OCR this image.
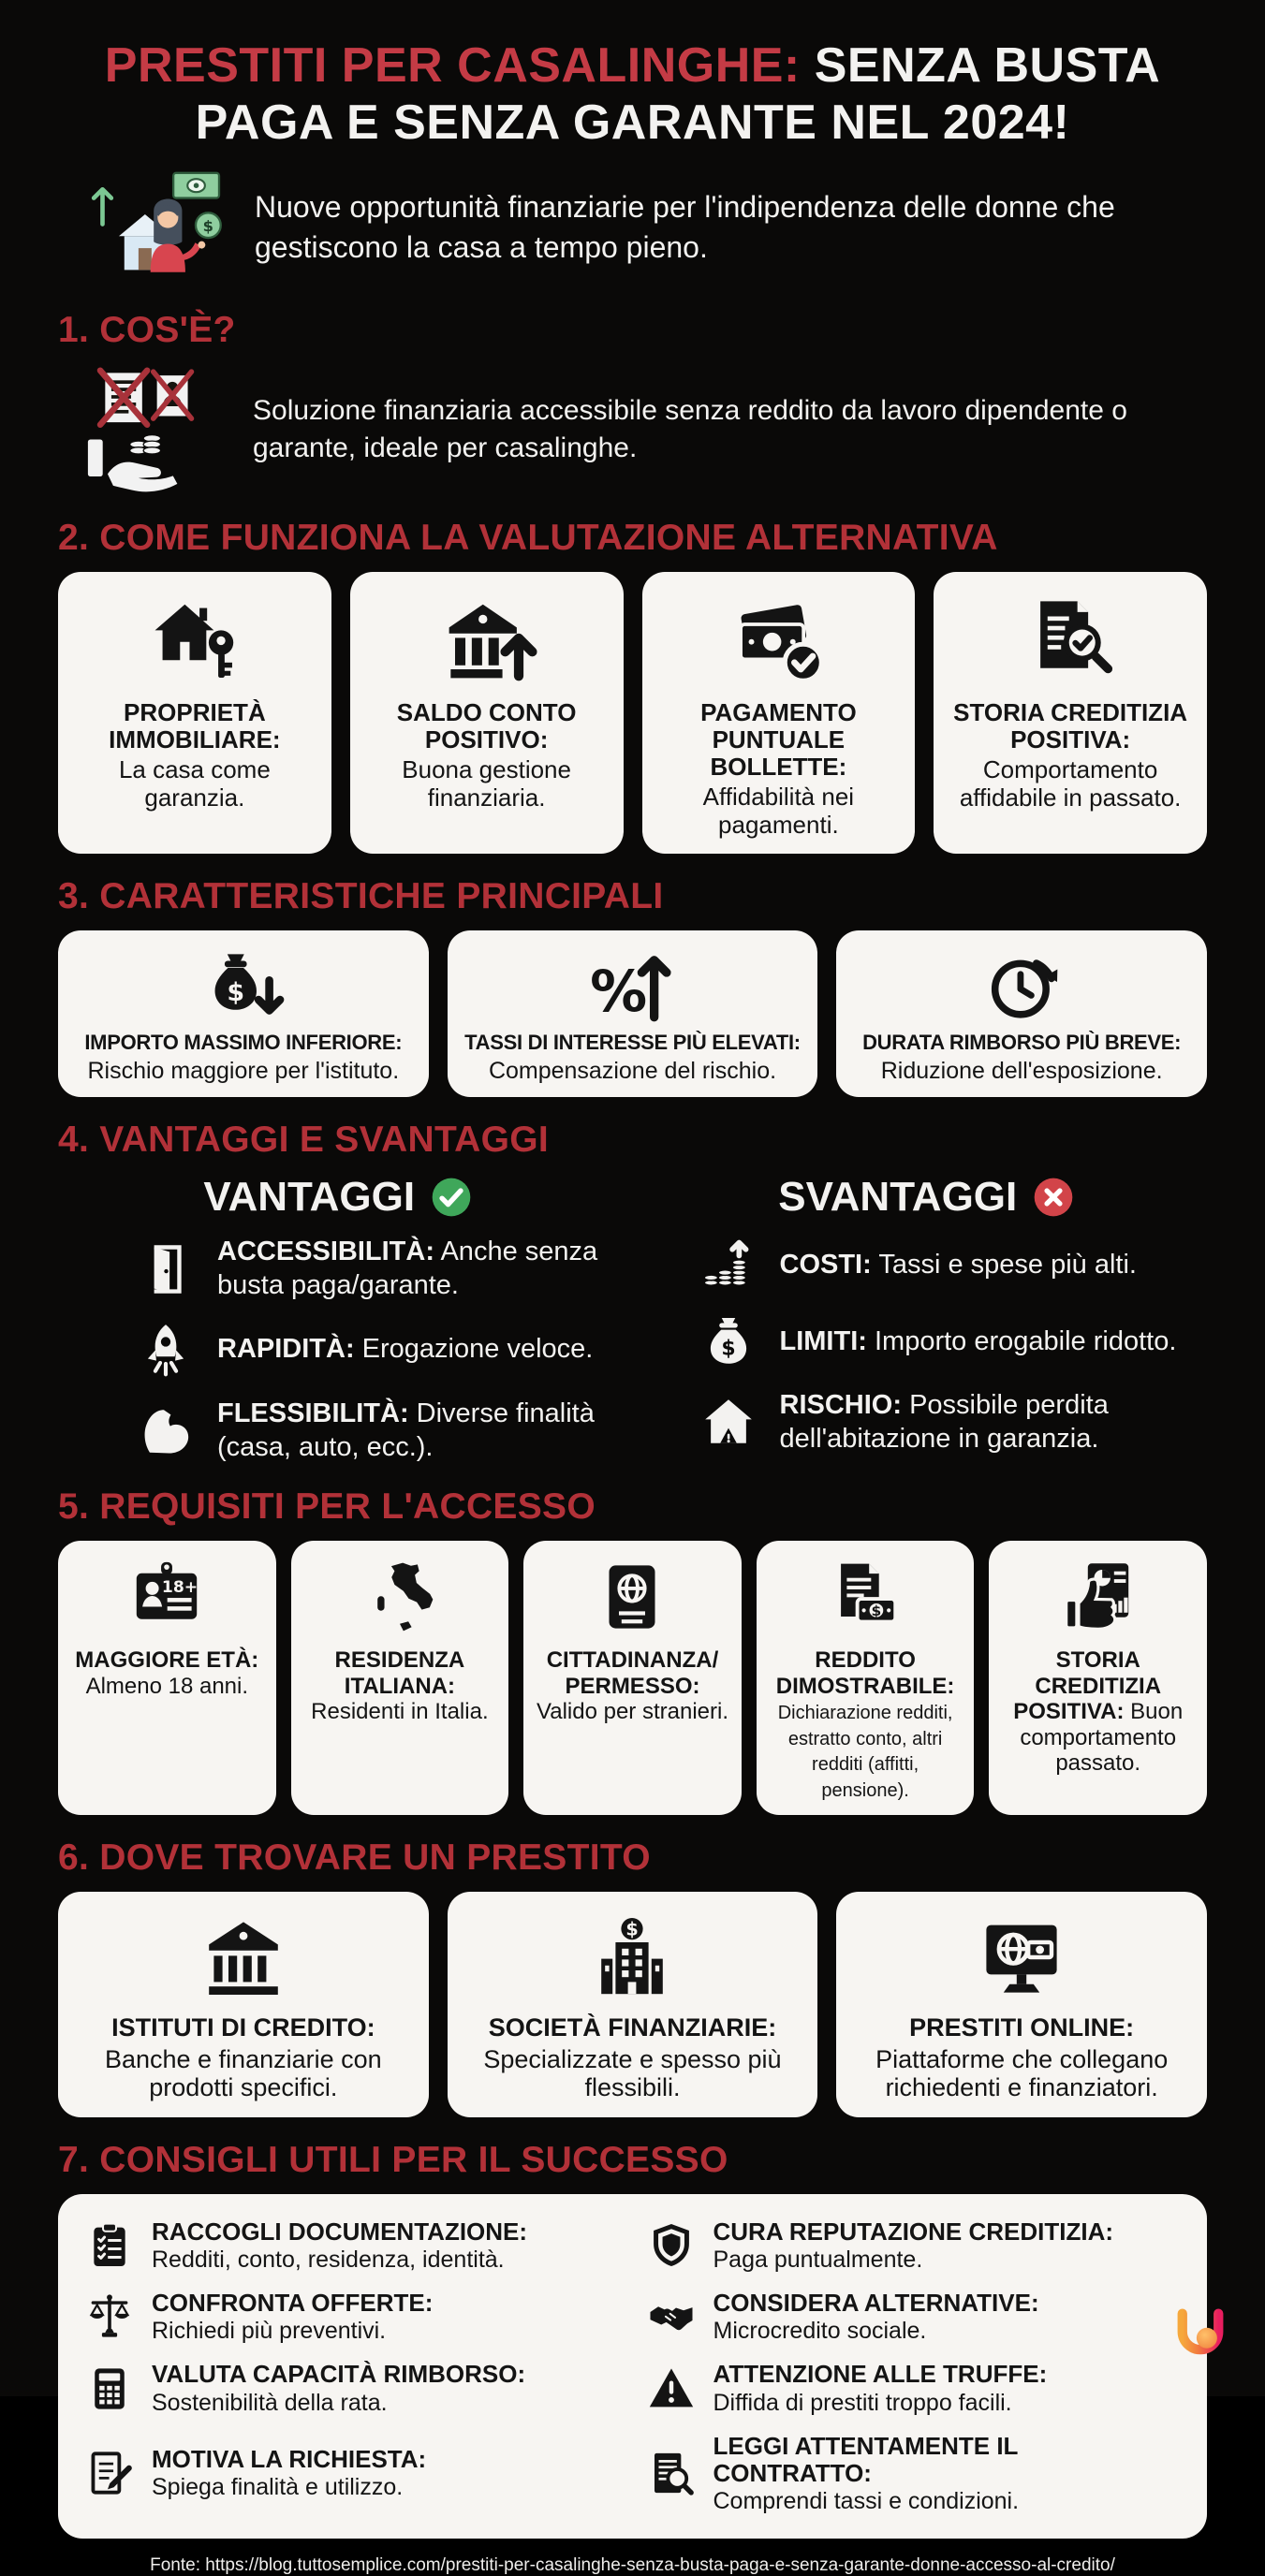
PRESTITI PER CASALINGHE: SENZA BUSTA
PAGA E SENZA GARANTE NEL 2024!
$

Nuove opportunità finanziarie per l'indipendenza delle donne che gestiscono la casa a tempo pieno.

1. COS'È?

Soluzione finanziaria accessibile senza reddito da lavoro dipendente o garante, ideale per casalinghe.

2. COME FUNZIONA LA VALUTAZIONE ALTERNATIVA
PROPRIETÀ IMMOBILIARE:

La casa come garanzia.

SALDO CONTO POSITIVO:

Buona gestione finanziaria.

PAGAMENTO PUNTUALE BOLLETTE:

Affidabilità nei pagamenti.

STORIA CREDITIZIA POSITIVA:

Comportamento affidabile in passato.

3. CARATTERISTICHE PRINCIPALI
IMPORTO MASSIMO INFERIORE:

Rischio maggiore per l'istituto.

TASSI DI INTERESSE PIÙ ELEVATI:

Compensazione del rischio.

DURATA RIMBORSO PIÙ BREVE:

Riduzione dell'esposizione.

4. VANTAGGI E SVANTAGGI
VANTAGGI

ACCESSIBILITÀ: Anche senza busta paga/garante.

RAPIDITÀ: Erogazione veloce.

FLESSIBILITÀ: Diverse finalità (casa, auto, ecc.).

SVANTAGGI

COSTI: Tassi e spese più alti.

LIMITI: Importo erogabile ridotto.

RISCHIO: Possibile perdita dell'abitazione in garanzia.

5. REQUISITI PER L'ACCESSO

MAGGIORE ETÀ: Almeno 18 anni.

RESIDENZA ITALIANA: Residenti in Italia.

CITTADINANZA/ PERMESSO: Valido per stranieri.

REDDITO DIMOSTRABILE: Dichiarazione redditi, estratto conto, altri redditi (affitti, pensione).

STORIA CREDITIZIA POSITIVA: Buon comportamento passato.

6. DOVE TROVARE UN PRESTITO
ISTITUTI DI CREDITO:

Banche e finanziarie con prodotti specifici.

SOCIETÀ FINANZIARIE:

Specializzate e spesso più flessibili.

PRESTITI ONLINE:

Piattaforme che collegano richiedenti e finanziatori.

7. CONSIGLI UTILI PER IL SUCCESSO
RACCOGLI DOCUMENTAZIONE:

Redditi, conto, residenza, identità.

CURA REPUTAZIONE CREDITIZIA:

Paga puntualmente.

CONFRONTA OFFERTE:

Richiedi più preventivi.

CONSIDERA ALTERNATIVE:

Microcredito sociale.

VALUTA CAPACITÀ RIMBORSO:

Sostenibilità della rata.

ATTENZIONE ALLE TRUFFE:

Diffida di prestiti troppo facili.

MOTIVA LA RICHIESTA:

Spiega finalità e utilizzo.

LEGGI ATTENTAMENTE IL CONTRATTO:

Comprendi tassi e condizioni.

Fonte: https://blog.tuttosemplice.com/prestiti-per-casalinghe-senza-busta-paga-e-senza-garante-donne-accesso-al-credito/
